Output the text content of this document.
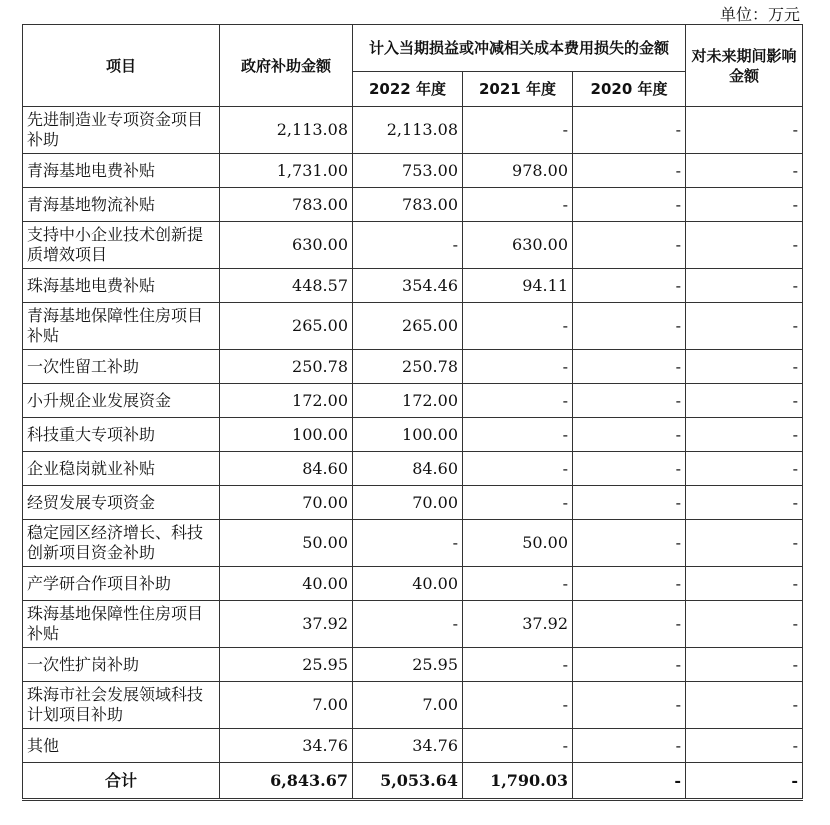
单位：万元
项目	政府补助金额	计入当期损益或冲减相关成本费用损失的金额			对未来期间影响金额
		2022 年度	2021 年度	2020 年度	
先进制造业专项资金项目补助	2,113.08	2,113.08	-	-	-
青海基地电费补贴	1,731.00	753.00	978.00	-	-
青海基地物流补贴	783.00	783.00	-	-	-
支持中小企业技术创新提质增效项目	630.00	-	630.00	-	-
珠海基地电费补贴	448.57	354.46	94.11	-	-
青海基地保障性住房项目补贴	265.00	265.00	-	-	-
一次性留工补助	250.78	250.78	-	-	-
小升规企业发展资金	172.00	172.00	-	-	-
科技重大专项补助	100.00	100.00	-	-	-
企业稳岗就业补贴	84.60	84.60	-	-	-
经贸发展专项资金	70.00	70.00	-	-	-
稳定园区经济增长、科技创新项目资金补助	50.00	-	50.00	-	-
产学研合作项目补助	40.00	40.00	-	-	-
珠海基地保障性住房项目补贴	37.92	-	37.92	-	-
一次性扩岗补助	25.95	25.95	-	-	-
珠海市社会发展领域科技计划项目补助	7.00	7.00	-	-	-
其他	34.76	34.76	-	-	-
合计	6,843.67	5,053.64	1,790.03	-	-
